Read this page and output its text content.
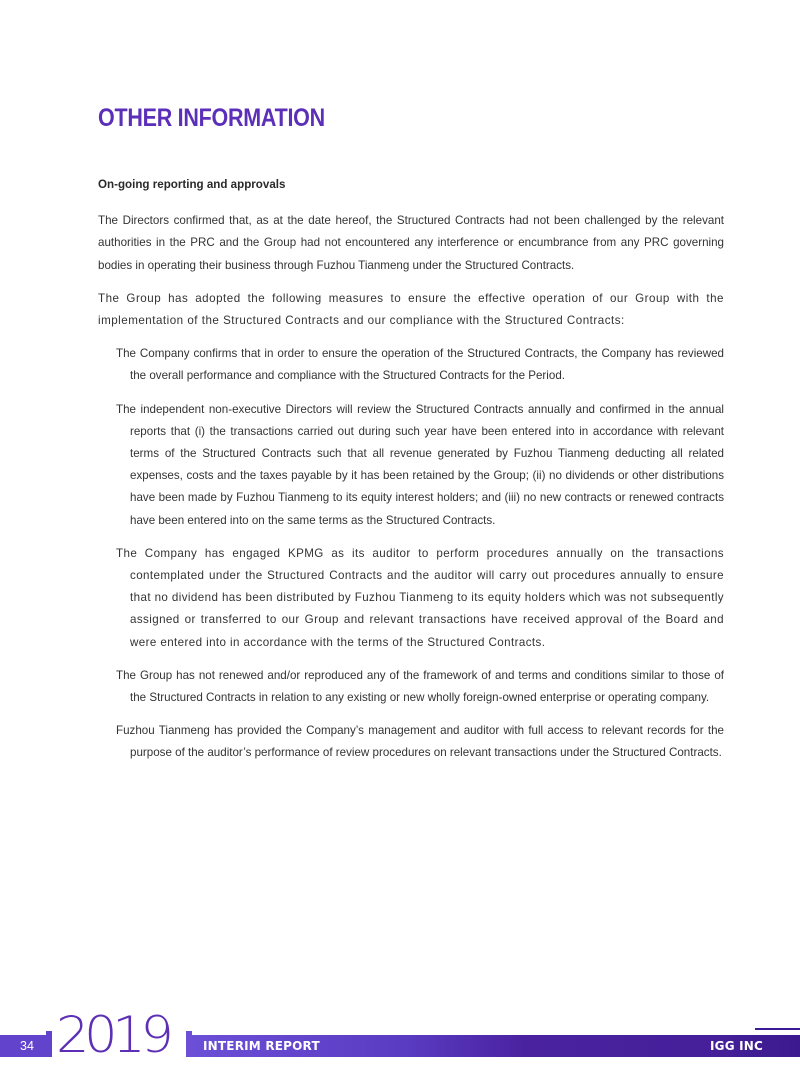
OTHER INFORMATION
On-going reporting and approvals

The Directors confirmed that, as at the date hereof, the Structured Contracts had not been challenged by the relevant authorities in the PRC and the Group had not encountered any interference or encumbrance from any PRC governing bodies in operating their business through Fuzhou Tianmeng under the Structured Contracts.

The Group has adopted the following measures to ensure the effective operation of our Group with the implementation of the Structured Contracts and our compliance with the Structured Contracts:

The Company confirms that in order to ensure the operation of the Structured Contracts, the Company has reviewed the overall performance and compliance with the Structured Contracts for the Period.
The independent non-executive Directors will review the Structured Contracts annually and confirmed in the annual reports that (i) the transactions carried out during such year have been entered into in accordance with relevant terms of the Structured Contracts such that all revenue generated by Fuzhou Tianmeng deducting all related expenses, costs and the taxes payable by it has been retained by the Group; (ii) no dividends or other distributions have been made by Fuzhou Tianmeng to its equity interest holders; and (iii) no new contracts or renewed contracts have been entered into on the same terms as the Structured Contracts.
The Company has engaged KPMG as its auditor to perform procedures annually on the transactions contemplated under the Structured Contracts and the auditor will carry out procedures annually to ensure that no dividend has been distributed by Fuzhou Tianmeng to its equity holders which was not subsequently assigned or transferred to our Group and relevant transactions have received approval of the Board and were entered into in accordance with the terms of the Structured Contracts.
The Group has not renewed and/or reproduced any of the framework of and terms and conditions similar to those of the Structured Contracts in relation to any existing or new wholly foreign-owned enterprise or operating company.
Fuzhou Tianmeng has provided the Company’s management and auditor with full access to relevant records for the purpose of the auditor’s performance of review procedures on relevant transactions under the Structured Contracts.
34 2019	INTERIM REPORT	IGG INC
